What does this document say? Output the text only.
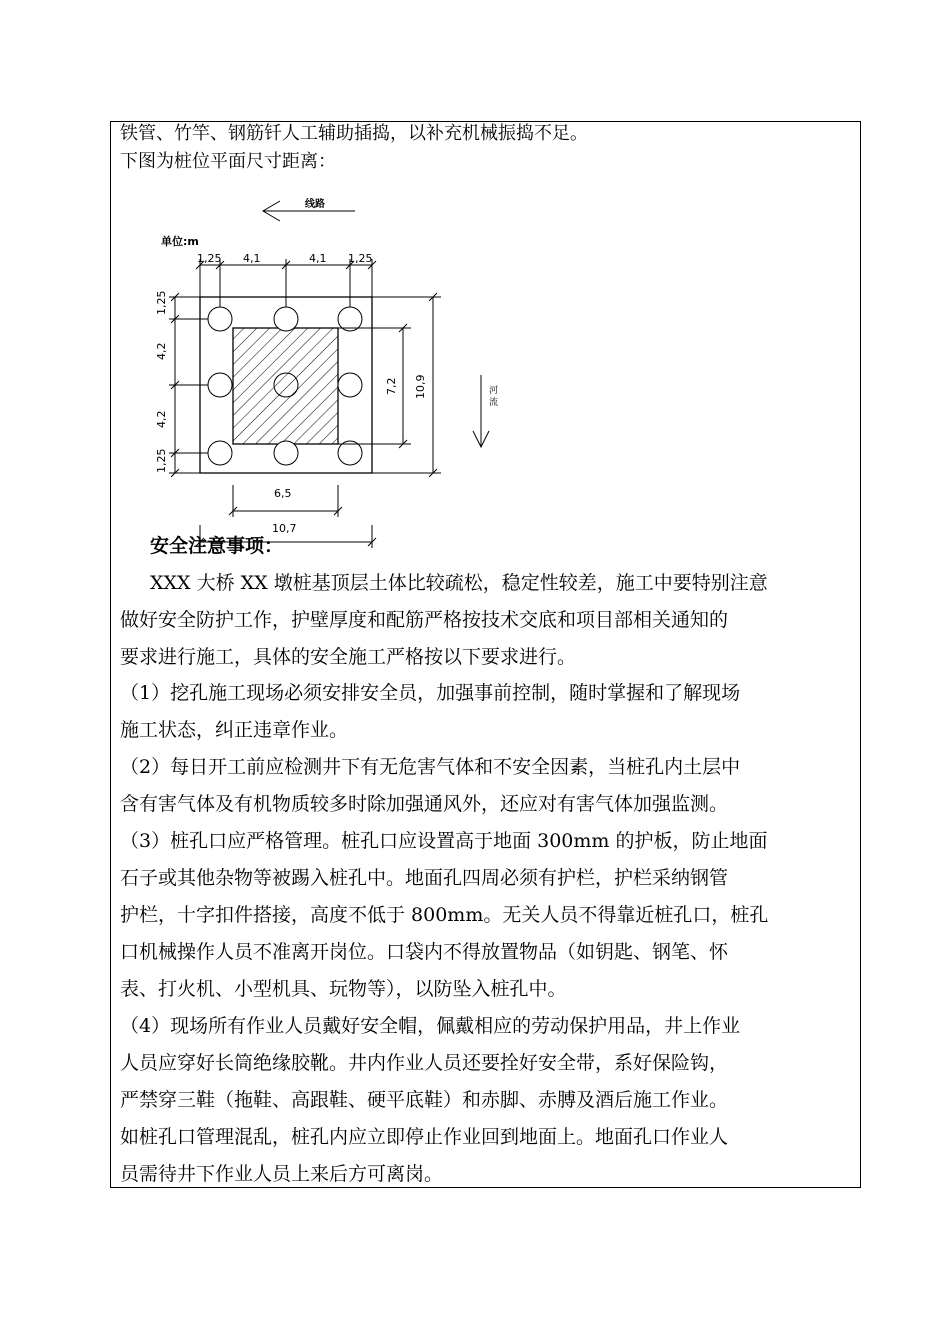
铁管、竹竿、钢筋钎人工辅助插捣，以补充机械振捣不足。
下图为桩位平面尺寸距离：
线路
单位:m
1,25 4,1	4,1 1,25
1,25
4,2
4,2
1,25
7,2 10,9
6,5
10,7
河
流
安全注意事项：
XXX 大桥 XX 墩桩基顶层土体比较疏松，稳定性较差，施工中要特别注意
做好安全防护工作，护壁厚度和配筋严格按技术交底和项目部相关通知的
要求进行施工，具体的安全施工严格按以下要求进行。
（1）挖孔施工现场必须安排安全员，加强事前控制，随时掌握和了解现场
施工状态，纠正违章作业。
（2）每日开工前应检测井下有无危害气体和不安全因素，当桩孔内土层中
含有害气体及有机物质较多时除加强通风外，还应对有害气体加强监测。
（3）桩孔口应严格管理。桩孔口应设置高于地面 300mm 的护板，防止地面
石子或其他杂物等被踢入桩孔中。地面孔四周必须有护栏，护栏采纳钢管
护栏，十字扣件搭接，高度不低于 800mm。无关人员不得靠近桩孔口，桩孔
口机械操作人员不准离开岗位。口袋内不得放置物品（如钥匙、钢笔、怀
表、打火机、小型机具、玩物等），以防坠入桩孔中。
（4）现场所有作业人员戴好安全帽，佩戴相应的劳动保护用品，井上作业
人员应穿好长筒绝缘胶靴。井内作业人员还要拴好安全带，系好保险钩，
严禁穿三鞋（拖鞋、高跟鞋、硬平底鞋）和赤脚、赤膊及酒后施工作业。
如桩孔口管理混乱，桩孔内应立即停止作业回到地面上。地面孔口作业人
员需待井下作业人员上来后方可离岗。
